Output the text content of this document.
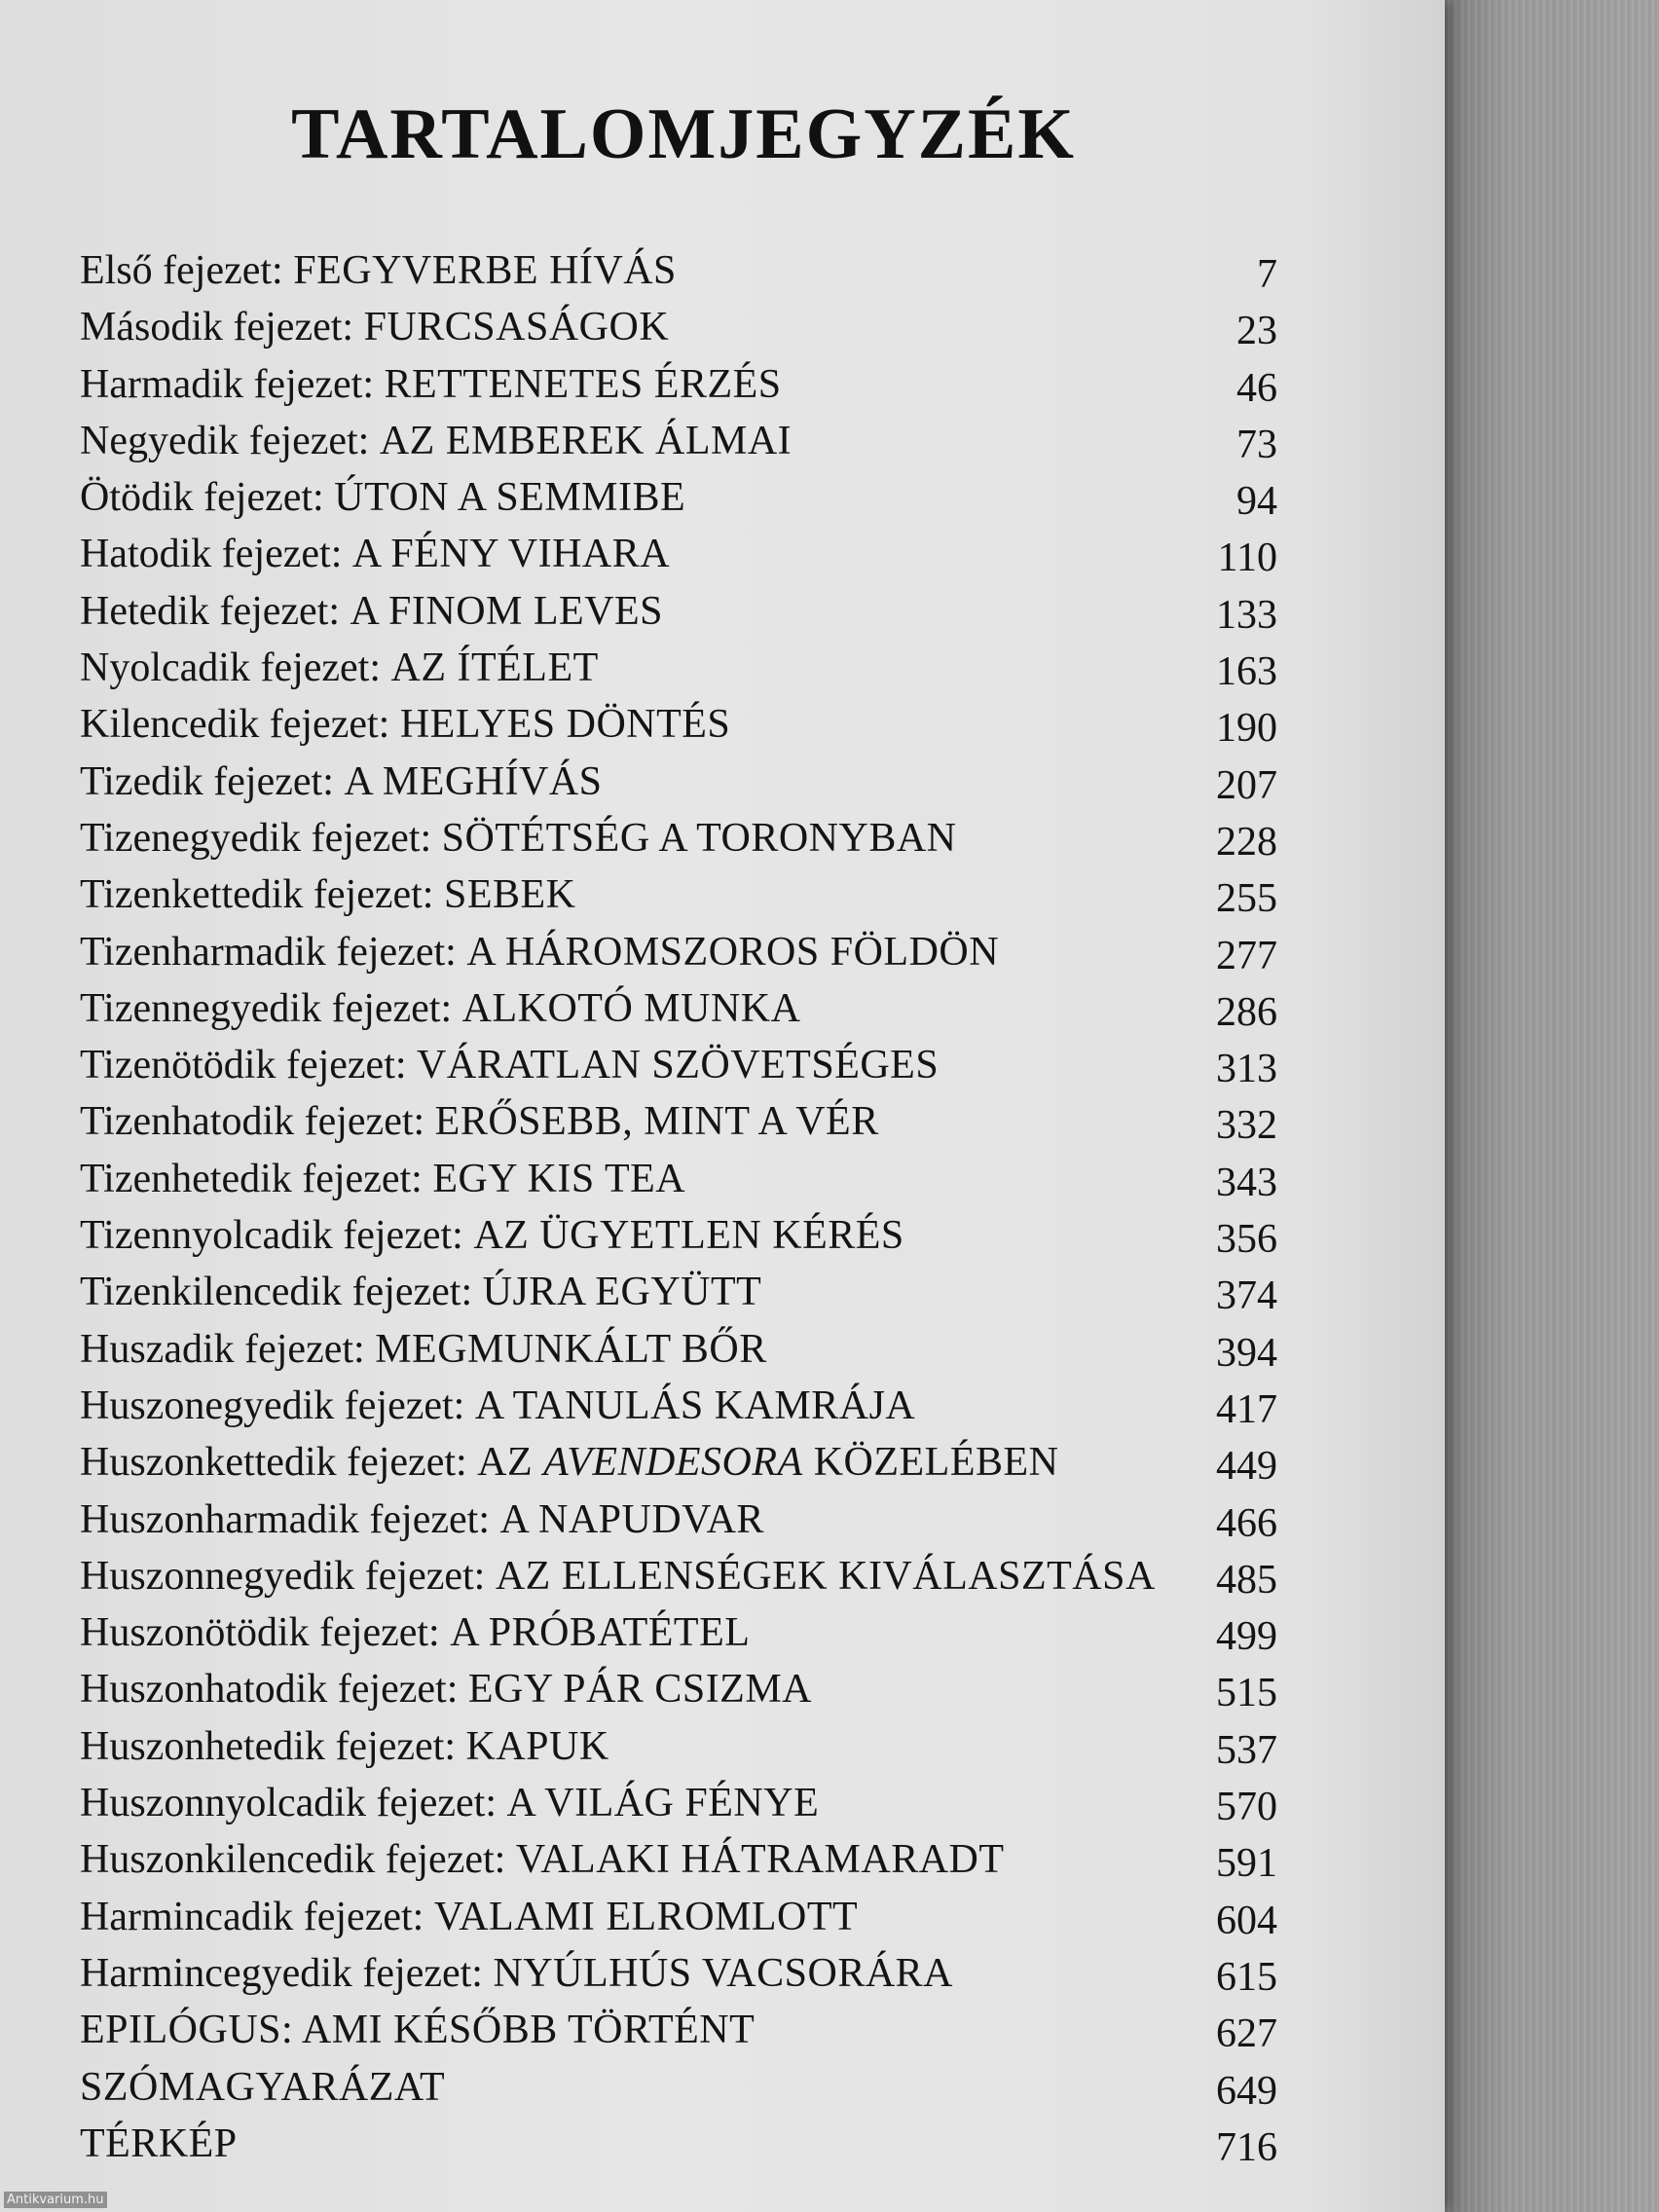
TARTALOMJEGYZÉK
Első fejezet: FEGYVERBE HÍVÁS	7
Második fejezet: FURCSASÁGOK	23
Harmadik fejezet: RETTENETES ÉRZÉS	46
Negyedik fejezet: AZ EMBEREK ÁLMAI	73
Ötödik fejezet: ÚTON A SEMMIBE	94
Hatodik fejezet: A FÉNY VIHARA	110
Hetedik fejezet: A FINOM LEVES	133
Nyolcadik fejezet: AZ ÍTÉLET	163
Kilencedik fejezet: HELYES DÖNTÉS	190
Tizedik fejezet: A MEGHÍVÁS	207
Tizenegyedik fejezet: SÖTÉTSÉG A TORONYBAN	228
Tizenkettedik fejezet: SEBEK	255
Tizenharmadik fejezet: A HÁROMSZOROS FÖLDÖN	277
Tizennegyedik fejezet: ALKOTÓ MUNKA	286
Tizenötödik fejezet: VÁRATLAN SZÖVETSÉGES	313
Tizenhatodik fejezet: ERŐSEBB, MINT A VÉR	332
Tizenhetedik fejezet: EGY KIS TEA	343
Tizennyolcadik fejezet: AZ ÜGYETLEN KÉRÉS	356
Tizenkilencedik fejezet: ÚJRA EGYÜTT	374
Huszadik fejezet: MEGMUNKÁLT BŐR	394
Huszonegyedik fejezet: A TANULÁS KAMRÁJA	417
Huszonkettedik fejezet: AZ AVENDESORA KÖZELÉBEN	449
Huszonharmadik fejezet: A NAPUDVAR	466
Huszonnegyedik fejezet: AZ ELLENSÉGEK KIVÁLASZTÁSA 485
Huszonötödik fejezet: A PRÓBATÉTEL	499
Huszonhatodik fejezet: EGY PÁR CSIZMA	515
Huszonhetedik fejezet: KAPUK	537
Huszonnyolcadik fejezet: A VILÁG FÉNYE	570
Huszonkilencedik fejezet: VALAKI HÁTRAMARADT	591
Harmincadik fejezet: VALAMI ELROMLOTT	604
Harmincegyedik fejezet: NYÚLHÚS VACSORÁRA	615
EPILÓGUS: AMI KÉSŐBB TÖRTÉNT	627
SZÓMAGYARÁZAT	649
TÉRKÉP	716
Antikvarium.hu
